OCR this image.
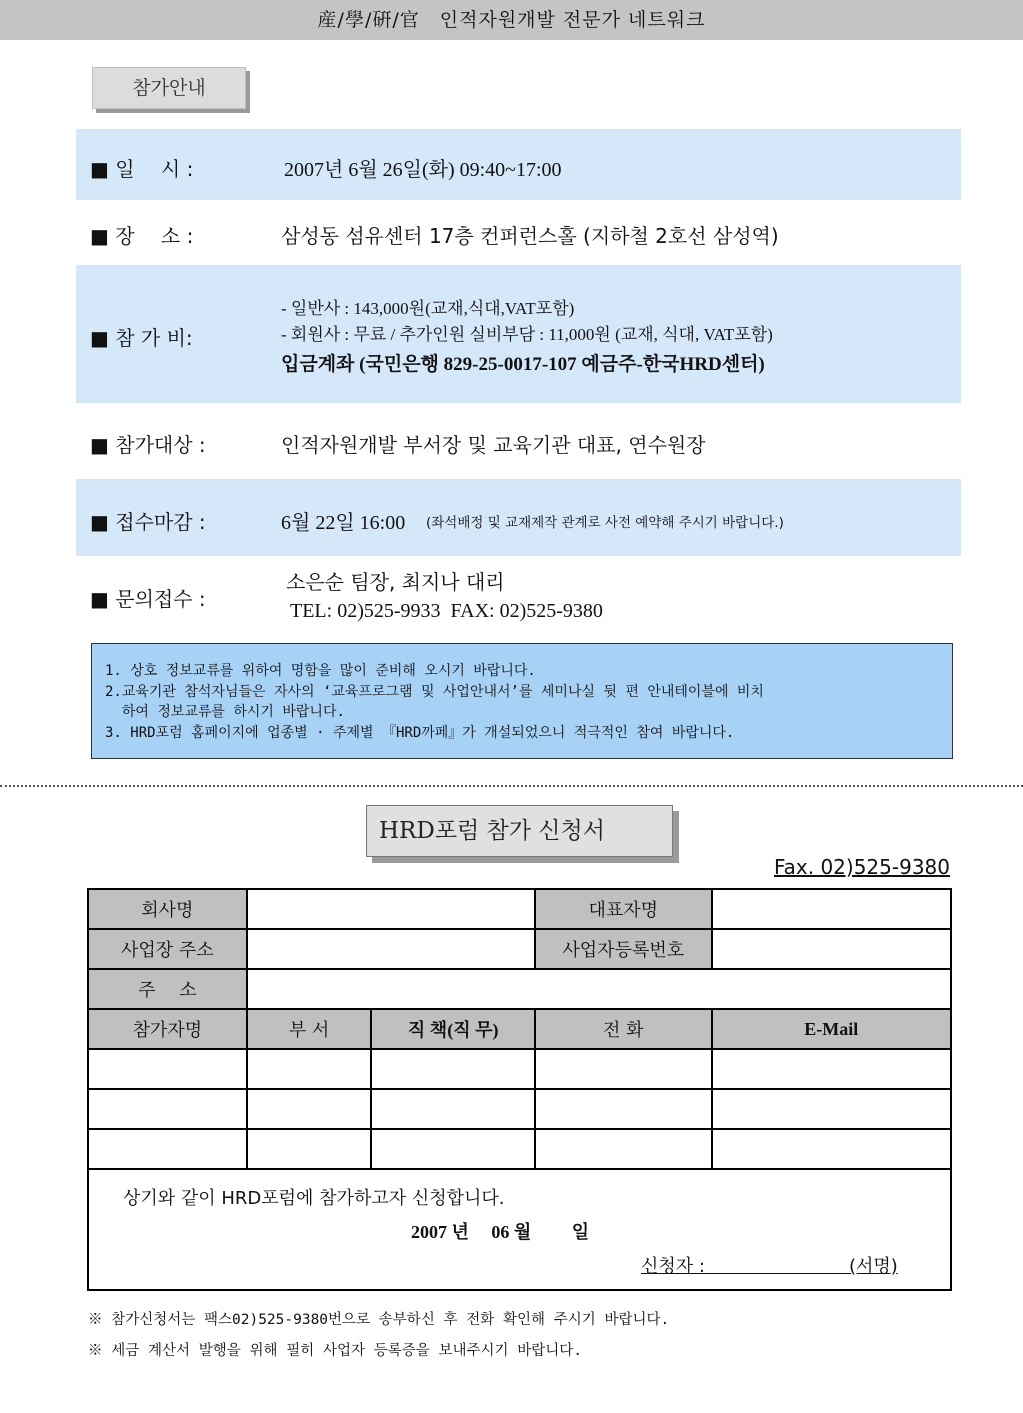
産/學/硏/官　인적자원개발 전문가 네트워크
참가안내
■ 일　 시 :	2007년 6월 26일(화) 09:40~17:00
■ 장　 소 :	삼성동 섬유센터 17층 컨퍼런스홀 (지하철 2호선 삼성역)
■ 참 가 비:
- 일반사 : 143,000원(교재,식대,VAT포함)
- 회원사 : 무료 / 추가인원 실비부담 : 11,000원 (교재, 식대, VAT포함)
입금계좌 (국민은행 829-25-0017-107 예금주-한국HRD센터)
■ 참가대상 :	인적자원개발 부서장 및 교육기관 대표, 연수원장
■ 접수마감 :	6월 22일 16:00 (좌석배정 및 교재제작 관계로 사전 예약해 주시기 바랍니다.)
■ 문의접수 :
소은순 팀장, 최지나 대리
TEL: 02)525-9933  FAX: 02)525-9380
1. 상호 정보교류를 위하여 명함을 많이 준비해 오시기 바랍니다.
2.교육기관 참석자님들은 자사의 ‘교육프로그램 및 사업안내서’를 세미나실 뒷 편 안내테이블에 비치
하여 정보교류를 하시기 바랍니다.
3. HRD포럼 홈페이지에 업종별 · 주제별 『HRD까페』가 개설되었으니 적극적인 참여 바랍니다.
HRD포럼 참가 신청서
Fax. 02)525-9380
회사명			대표자명	
사업장 주소			사업자등록번호	
주　 소				
참가자명	부 서	직 책(직 무)	전 화	E-Mail

상기와 같이 HRD포럼에 참가하고자 신청합니다.
2007 년　 06 월　　 일
신청자 :　　　　　　　　(서명)
※ 참가신청서는 팩스02)525-9380번으로 송부하신 후 전화 확인해 주시기 바랍니다.
※ 세금 계산서 발행을 위해 필히 사업자 등록증을 보내주시기 바랍니다.
